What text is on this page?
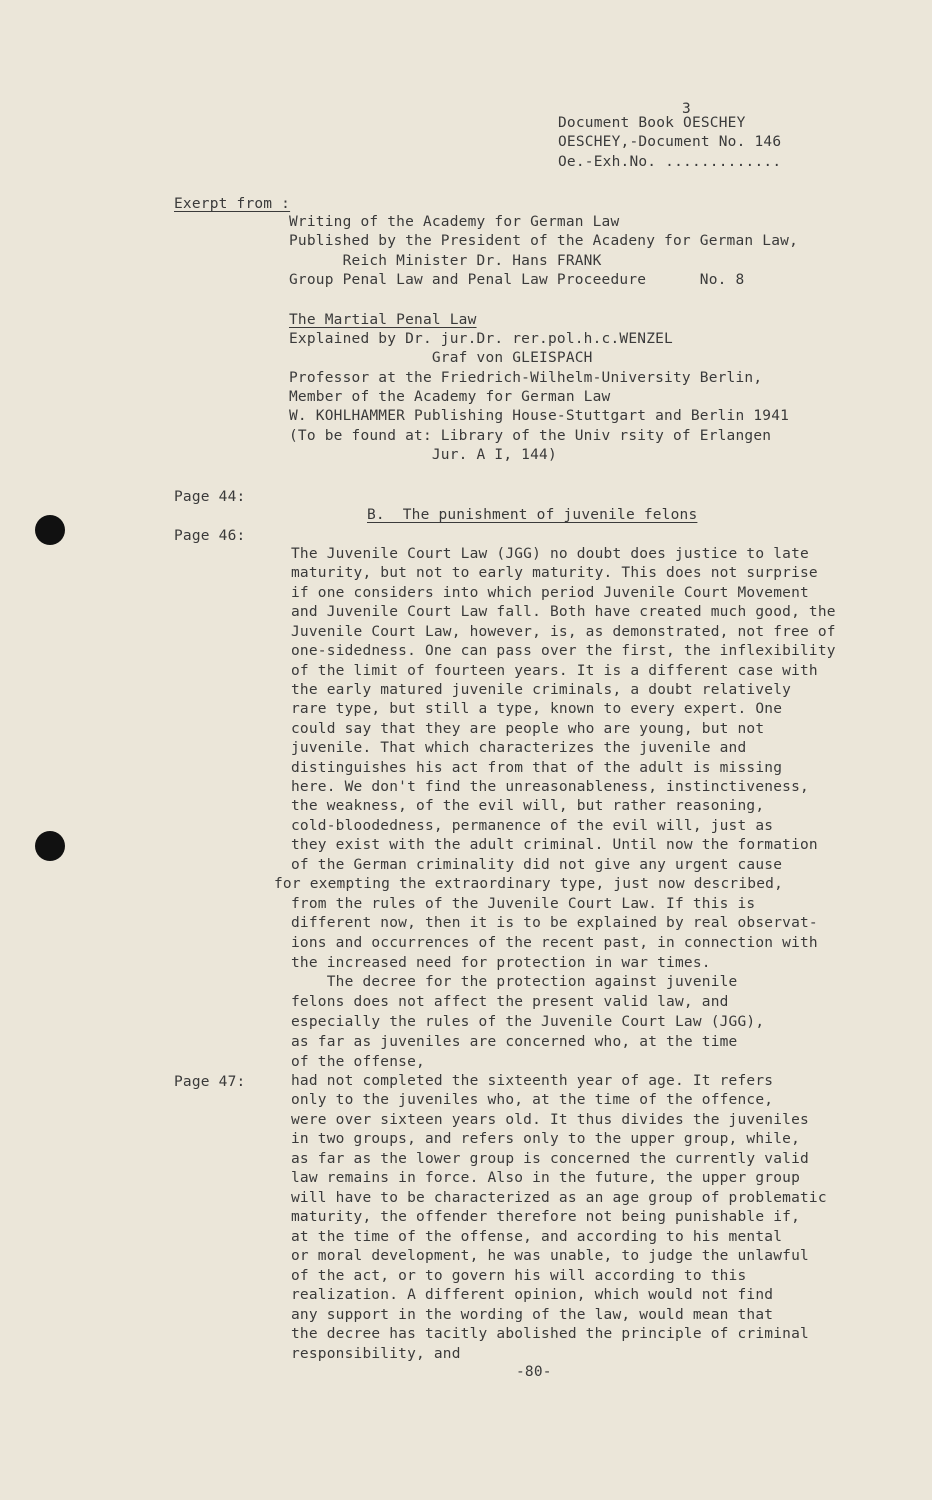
3
Document Book OESCHEY
OESCHEY,-Document No. 146
Oe.-Exh.No. .............
Exerpt from :
Writing of the Academy for German Law
Published by the President of the Acadeny for German Law,
Reich Minister Dr. Hans FRANK
Group Penal Law and Penal Law Proceedure      No. 8
The Martial Penal Law
Explained by Dr. jur.Dr. rer.pol.h.c.WENZEL
Graf von GLEISPACH
Professor at the Friedrich-Wilhelm-University Berlin,
Member of the Academy for German Law
W. KOHLHAMMER Publishing House-Stuttgart and Berlin 1941
(To be found at: Library of the Univ rsity of Erlangen
Jur. A I, 144)
Page 44:
Page 46:
Page 47:
B.  The punishment of juvenile felons
The Juvenile Court Law (JGG) no doubt does justice to late
maturity, but not to early maturity. This does not surprise
if one considers into which period Juvenile Court Movement
and Juvenile Court Law fall. Both have created much good, the
Juvenile Court Law, however, is, as demonstrated, not free of
one-sidedness. One can pass over the first, the inflexibility
of the limit of fourteen years. It is a different case with
the early matured juvenile criminals, a doubt relatively
rare type, but still a type, known to every expert. One
could say that they are people who are young, but not
juvenile. That which characterizes the juvenile and
distinguishes his act from that of the adult is missing
here. We don't find the unreasonableness, instinctiveness,
the weakness, of the evil will, but rather reasoning,
cold-bloodedness, permanence of the evil will, just as
they exist with the adult criminal. Until now the formation
of the German criminality did not give any urgent cause
for exempting the extraordinary type, just now described,
from the rules of the Juvenile Court Law. If this is
different now, then it is to be explained by real observat-
ions and occurrences of the recent past, in connection with
the increased need for protection in war times.
The decree for the protection against juvenile
felons does not affect the present valid law, and
especially the rules of the Juvenile Court Law (JGG),
as far as juveniles are concerned who, at the time
of the offense,
had not completed the sixteenth year of age. It refers
only to the juveniles who, at the time of the offence,
were over sixteen years old. It thus divides the juveniles
in two groups, and refers only to the upper group, while,
as far as the lower group is concerned the currently valid
law remains in force. Also in the future, the upper group
will have to be characterized as an age group of problematic
maturity, the offender therefore not being punishable if,
at the time of the offense, and according to his mental
or moral development, he was unable, to judge the unlawful
of the act, or to govern his will according to this
realization. A different opinion, which would not find
any support in the wording of the law, would mean that
the decree has tacitly abolished the principle of criminal
responsibility, and
-80-
